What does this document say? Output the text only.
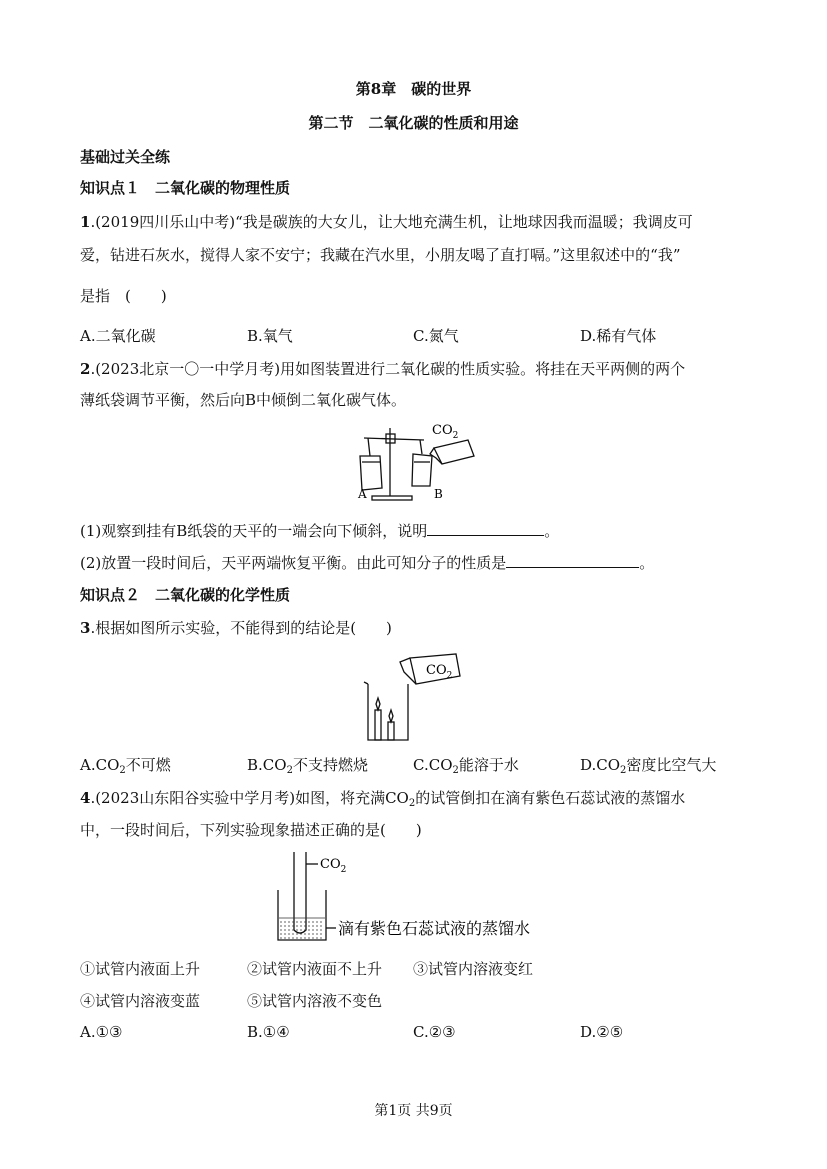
第8章　碳的世界
第二节　二氧化碳的性质和用途
基础过关全练
知识点１　二氧化碳的物理性质
1.(2019四川乐山中考)“我是碳族的大女儿，让大地充满生机，让地球因我而温暖；我调皮可
爱，钻进石灰水，搅得人家不安宁；我藏在汽水里，小朋友喝了直打嗝。”这里叙述中的“我”
是指　(　　)
A.二氧化碳	B.氧气	C.氮气	D.稀有气体
2.(2023北京一〇一中学月考)用如图装置进行二氧化碳的性质实验。将挂在天平两侧的两个
薄纸袋调节平衡，然后向B中倾倒二氧化碳气体。
$CO_2$
A	B
(1)观察到挂有B纸袋的天平的一端会向下倾斜，说明	。
(2)放置一段时间后，天平两端恢复平衡。由此可知分子的性质是	。
知识点２　二氧化碳的化学性质
3.根据如图所示实验，不能得到的结论是(　　)
$CO_2$
$A.CO_2$不可燃	$B.CO_2$不支持燃烧	$C.CO_2$能溶于水	$D.CO_2$密度比空气大
4.(2023山东阳谷实验中学月考)如图，将充满$CO_2$的试管倒扣在滴有紫色石蕊试液的蒸馏水
中，一段时间后，下列实验现象描述正确的是(　　)
$CO_2$
滴有紫色石蕊试液的蒸馏水
①试管内液面上升	②试管内液面不上升 ③试管内溶液变红
④试管内溶液变蓝	⑤试管内溶液不变色
A.①③	B.①④	C.②③	D.②⑤
第1页 共9页
